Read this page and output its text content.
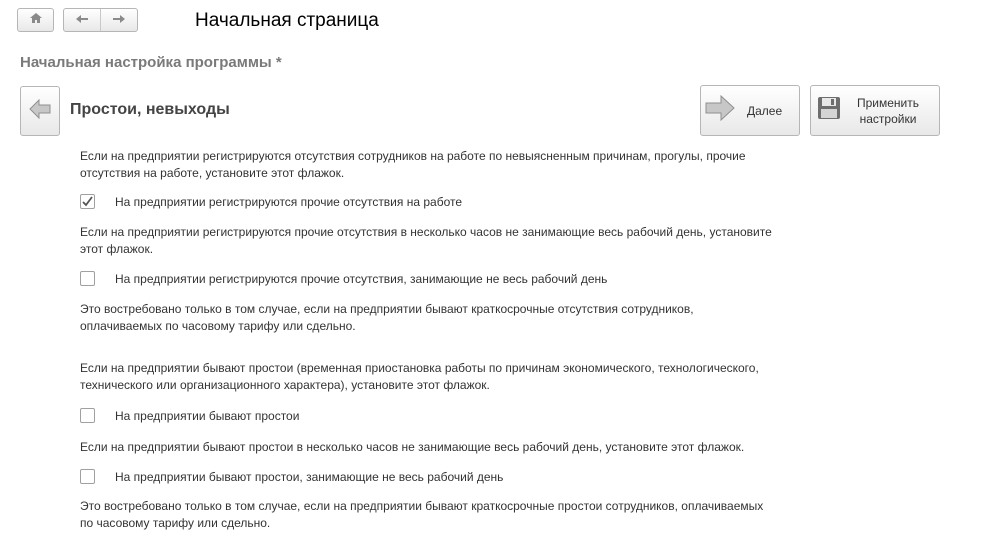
Начальная страница
Начальная настройка программы *
Простои, невыходы	Далее
Применить
настройки
Если на предприятии регистрируются отсутствия сотрудников на работе по невыясненным причинам, прогулы, прочие
отсутствия на работе, установите этот флажок.
На предприятии регистрируются прочие отсутствия на работе
Если на предприятии регистрируются прочие отсутствия в несколько часов не занимающие весь рабочий день, установите
этот флажок.
На предприятии регистрируются прочие отсутствия, занимающие не весь рабочий день
Это востребовано только в том случае, если на предприятии бывают краткосрочные отсутствия сотрудников,
оплачиваемых по часовому тарифу или сдельно.
Если на предприятии бывают простои (временная приостановка работы по причинам экономического, технологического,
технического или организационного характера), установите этот флажок.
На предприятии бывают простои
Если на предприятии бывают простои в несколько часов не занимающие весь рабочий день, установите этот флажок.
На предприятии бывают простои, занимающие не весь рабочий день
Это востребовано только в том случае, если на предприятии бывают краткосрочные простои сотрудников, оплачиваемых
по часовому тарифу или сдельно.
